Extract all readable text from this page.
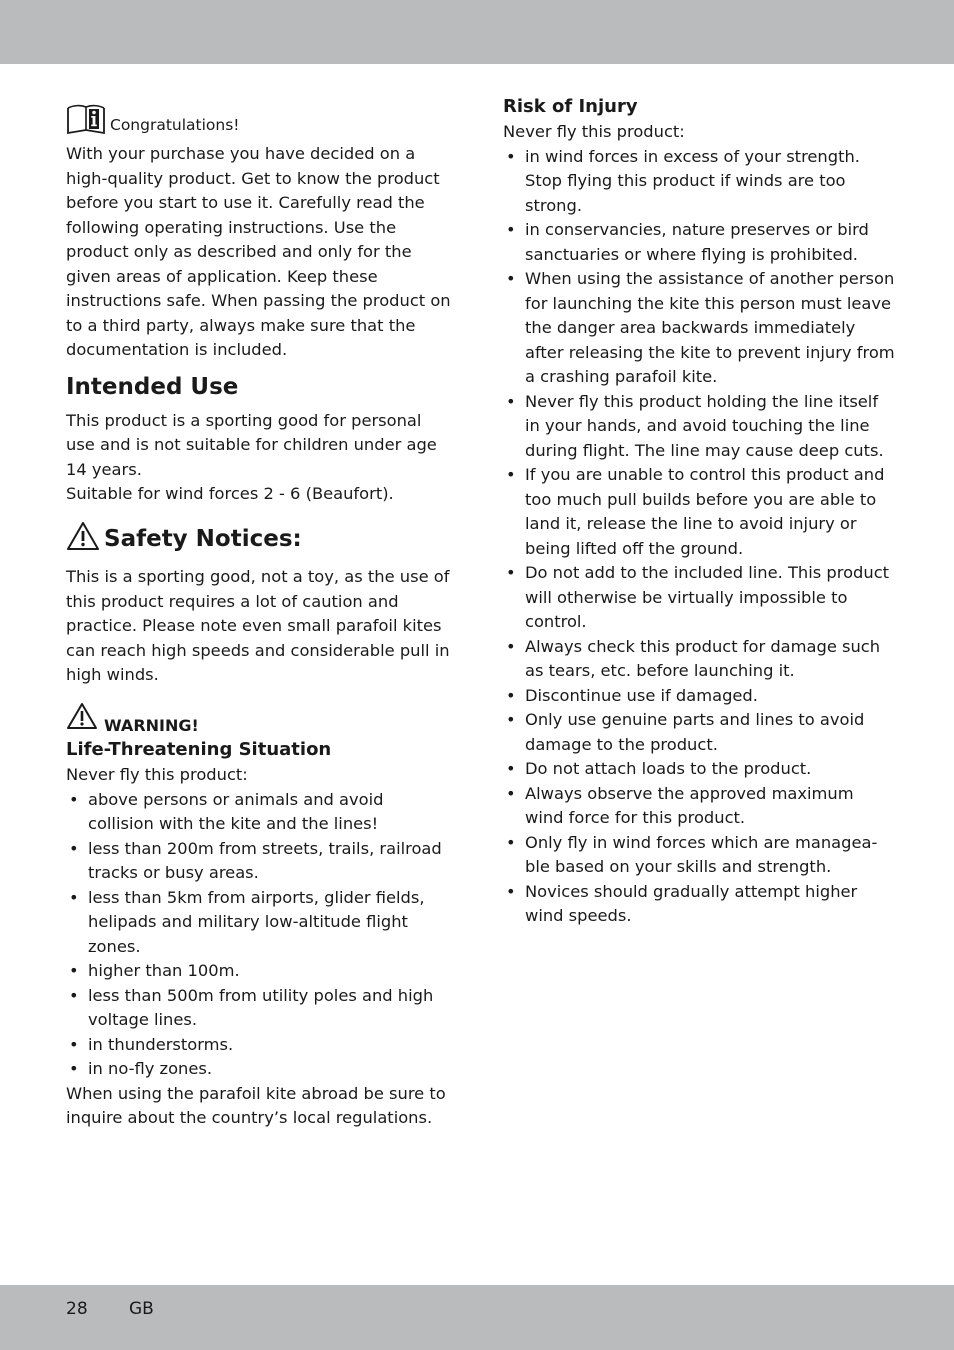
Congratulations!

With your purchase you have decided on a high-quality product. Get to know the product before you start to use it. Carefully read the following operating instructions. Use the product only as described and only for the given areas of application. Keep these instructions safe. When passing the product on to a third party, always make sure that the documentation is included.

Intended Use

This product is a sporting good for personal use and is not suitable for children under age 14 years.

Suitable for wind forces 2 - 6 (Beaufort).

Safety Notices:

This is a sporting good, not a toy, as the use of this product requires a lot of caution and practice. Please note even small parafoil kites can reach high speeds and considerable pull in high winds.

WARNING!
Life-Threatening Situation

Never fly this product:

• above persons or animals and avoid collision with the kite and the lines!
• less than 200m from streets, trails, railroad tracks or busy areas.
• less than 5km from airports, glider fields, helipads and military low-altitude flight zones.
• higher than 100m.
• less than 500m from utility poles and high voltage lines.
• in thunderstorms.
• in no-fly zones.

When using the parafoil kite abroad be sure to inquire about the country’s local regulations.

Risk of Injury

Never fly this product:

• in wind forces in excess of your strength. Stop flying this product if winds are too strong.
• in conservancies, nature preserves or bird sanctuaries or where flying is prohibited.
• When using the assistance of another person for launching the kite this person must leave the danger area backwards immediately after releasing the kite to prevent injury from a crashing parafoil kite.
• Never fly this product holding the line itself in your hands, and avoid touching the line during flight. The line may cause deep cuts.
• If you are unable to control this product and too much pull builds before you are able to land it, release the line to avoid injury or being lifted off the ground.
• Do not add to the included line. This product will otherwise be virtually impossible to control.
• Always check this product for damage such as tears, etc. before launching it.
• Discontinue use if damaged.
• Only use genuine parts and lines to avoid damage to the product.
• Do not attach loads to the product.
• Always observe the approved maximum wind force for this product.
• Only fly in wind forces which are managea-ble based on your skills and strength.
• Novices should gradually attempt higher wind speeds.
28 GB
